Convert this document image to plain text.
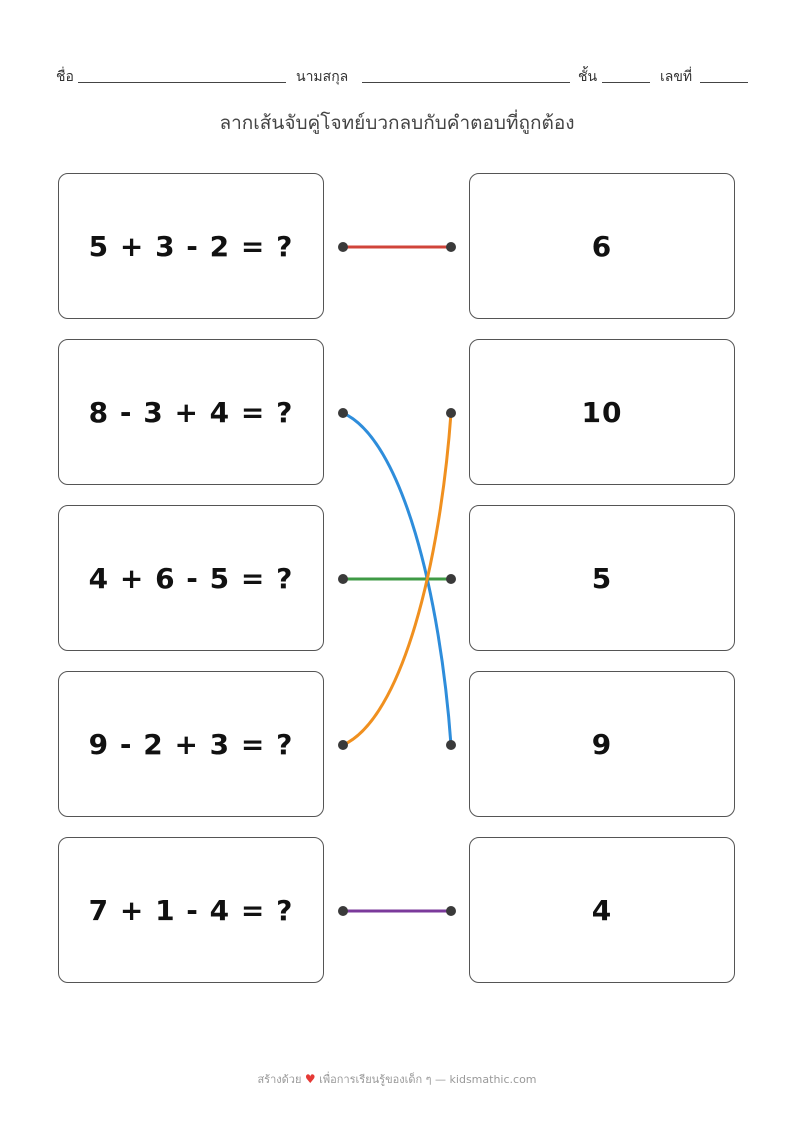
ชื่อ	นามสกุล	ชั้น	เลขที่
ลากเส้นจับคู่โจทย์บวกลบกับคำตอบที่ถูกต้อง
5 + 3 - 2 = ?
8 - 3 + 4 = ?
4 + 6 - 5 = ?
9 - 2 + 3 = ?
7 + 1 - 4 = ?
6
10
5
9
4
สร้างด้วย ♥ เพื่อการเรียนรู้ของเด็ก ๆ — kidsmathic.com
